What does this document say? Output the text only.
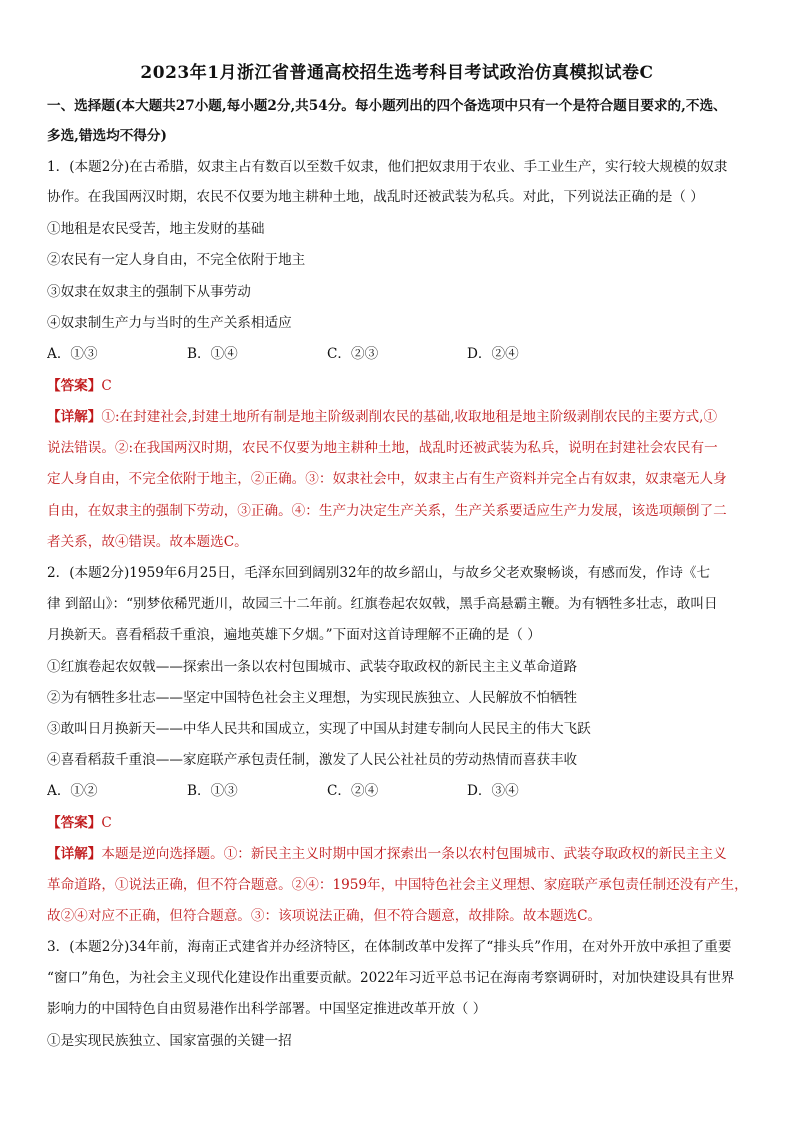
2023年1月浙江省普通高校招生选考科目考试政治仿真模拟试卷C
一、选择题(本大题共27小题,每小题2分,共54分。每小题列出的四个备选项中只有一个是符合题目要求的,不选、
多选,错选均不得分)
1．(本题2分)在古希腊，奴隶主占有数百以至数千奴隶，他们把奴隶用于农业、手工业生产，实行较大规模的奴隶
协作。在我国两汉时期，农民不仅要为地主耕种土地，战乱时还被武装为私兵。对此，下列说法正确的是（ ）
①地租是农民受苦，地主发财的基础
②农民有一定人身自由，不完全依附于地主
③奴隶在奴隶主的强制下从事劳动
④奴隶制生产力与当时的生产关系相适应
A．①③	B．①④	C．②③	D．②④
【答案】C
【详解】①:在封建社会,封建土地所有制是地主阶级剥削农民的基础,收取地租是地主阶级剥削农民的主要方式,①
说法错误。②:在我国两汉时期，农民不仅要为地主耕种土地，战乱时还被武装为私兵，说明在封建社会农民有一
定人身自由，不完全依附于地主，②正确。③：奴隶社会中，奴隶主占有生产资料并完全占有奴隶，奴隶毫无人身
自由，在奴隶主的强制下劳动，③正确。④：生产力决定生产关系，生产关系要适应生产力发展，该选项颠倒了二
者关系，故④错误。故本题选C。
2．(本题2分)1959年6月25日，毛泽东回到阔别32年的故乡韶山，与故乡父老欢聚畅谈，有感而发，作诗《七
律 到韶山》：“别梦依稀咒逝川，故园三十二年前。红旗卷起农奴戟，黑手高悬霸主鞭。为有牺牲多壮志，敢叫日
月换新天。喜看稻菽千重浪，遍地英雄下夕烟。”下面对这首诗理解不正确的是（ ）
①红旗卷起农奴戟——探索出一条以农村包围城市、武装夺取政权的新民主主义革命道路
②为有牺牲多壮志——坚定中国特色社会主义理想，为实现民族独立、人民解放不怕牺牲
③敢叫日月换新天——中华人民共和国成立，实现了中国从封建专制向人民民主的伟大飞跃
④喜看稻菽千重浪——家庭联产承包责任制，激发了人民公社社员的劳动热情而喜获丰收
A．①②	B．①③	C．②④	D．③④
【答案】C
【详解】本题是逆向选择题。①：新民主主义时期中国才探索出一条以农村包围城市、武装夺取政权的新民主主义
革命道路，①说法正确，但不符合题意。②④：1959年，中国特色社会主义理想、家庭联产承包责任制还没有产生，
故②④对应不正确，但符合题意。③：该项说法正确，但不符合题意，故排除。故本题选C。
3．(本题2分)34年前，海南正式建省并办经济特区，在体制改革中发挥了“排头兵”作用，在对外开放中承担了重要
“窗口”角色，为社会主义现代化建设作出重要贡献。2022年习近平总书记在海南考察调研时，对加快建设具有世界
影响力的中国特色自由贸易港作出科学部署。中国坚定推进改革开放（ ）
①是实现民族独立、国家富强的关键一招
